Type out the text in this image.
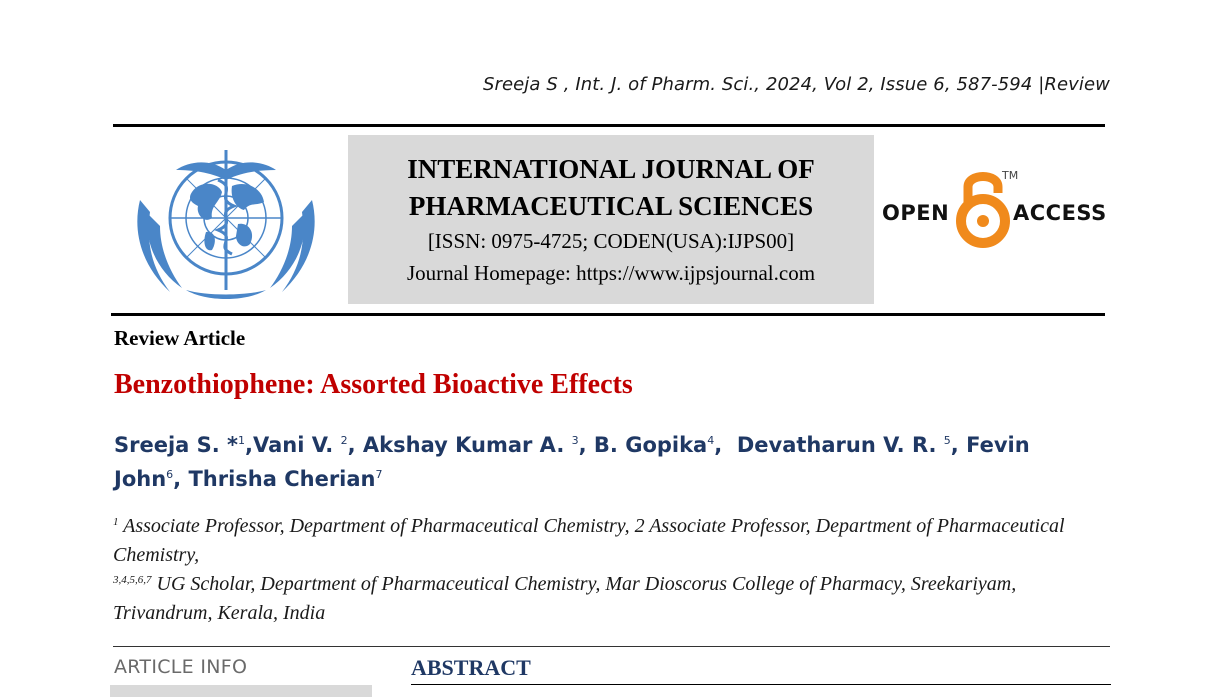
Sreeja S , Int. J. of Pharm. Sci., 2024, Vol 2, Issue 6, 587-594 |Review
INTERNATIONAL JOURNAL OF
PHARMACEUTICAL SCIENCES
[ISSN: 0975-4725; CODEN(USA):IJPS00]
Journal Homepage: https://www.ijpsjournal.com
OPEN
TM
ACCESS
Review Article
Benzothiophene: Assorted Bioactive Effects
Sreeja S. *$^1$,Vani V. $^2$, Akshay Kumar A. $^3$, B. Gopika$^4$,  Devatharun V. R. $^5$, Fevin John$^6$, Thrisha Cherian$^7$
$^1$ Associate Professor, Department of Pharmaceutical Chemistry, 2 Associate Professor, Department of Pharmaceutical Chemistry,
$^{3,4,5,6,7}$ UG Scholar, Department of Pharmaceutical Chemistry, Mar Dioscorus College of Pharmacy, Sreekariyam, Trivandrum, Kerala, India
ARTICLE INFO	ABSTRACT
